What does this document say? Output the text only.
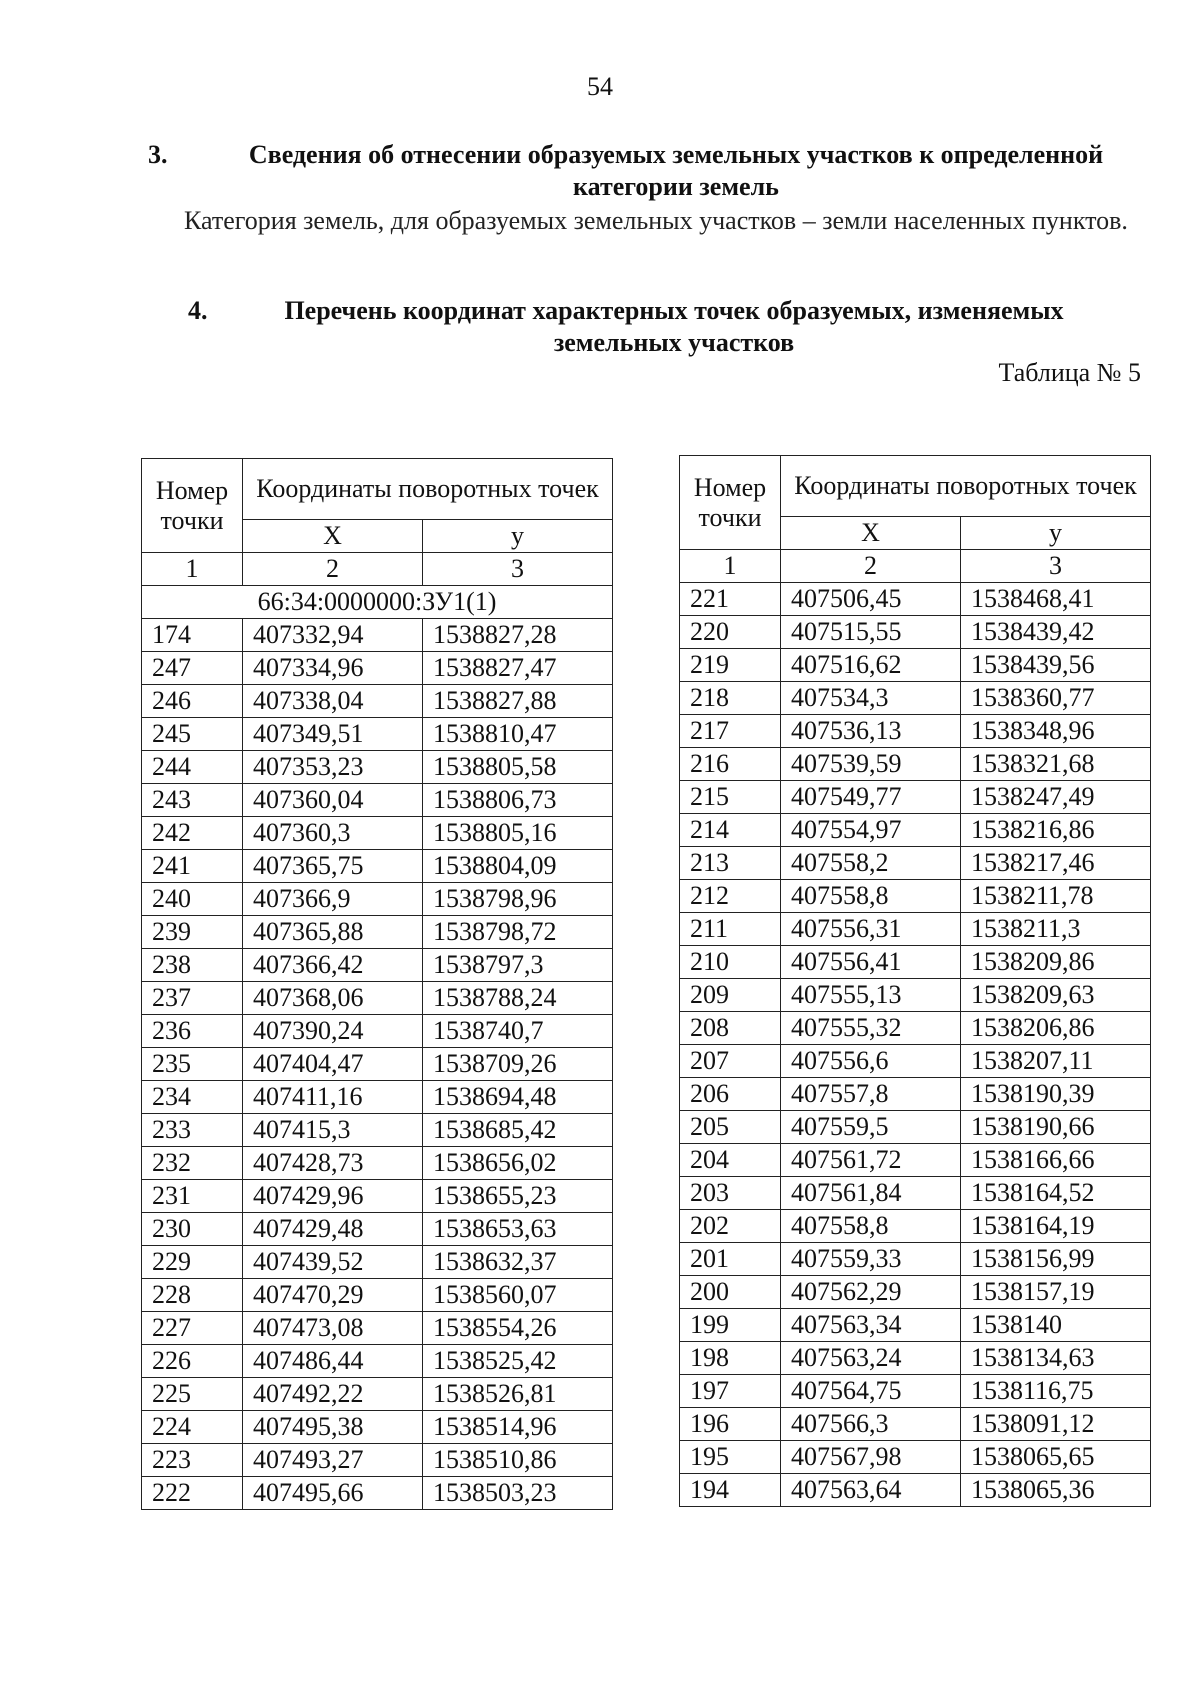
54
3.	Сведения об отнесении образуемых земельных участков к определенной
категории земель
Категория земель, для образуемых земельных участков – земли населенных пунктов.
4.	Перечень координат характерных точек образуемых, изменяемых
земельных участков
Таблица № 5
Номер точки	Координаты поворотных точек	
	X	y
1	2	3
66:34:0000000:ЗУ1(1)		
174	407332,94	1538827,28
247	407334,96	1538827,47
246	407338,04	1538827,88
245	407349,51	1538810,47
244	407353,23	1538805,58
243	407360,04	1538806,73
242	407360,3	1538805,16
241	407365,75	1538804,09
240	407366,9	1538798,96
239	407365,88	1538798,72
238	407366,42	1538797,3
237	407368,06	1538788,24
236	407390,24	1538740,7
235	407404,47	1538709,26
234	407411,16	1538694,48
233	407415,3	1538685,42
232	407428,73	1538656,02
231	407429,96	1538655,23
230	407429,48	1538653,63
229	407439,52	1538632,37
228	407470,29	1538560,07
227	407473,08	1538554,26
226	407486,44	1538525,42
225	407492,22	1538526,81
224	407495,38	1538514,96
223	407493,27	1538510,86
222	407495,66	1538503,23
Номер точки	Координаты поворотных точек	
	X	y
1	2	3
221	407506,45	1538468,41
220	407515,55	1538439,42
219	407516,62	1538439,56
218	407534,3	1538360,77
217	407536,13	1538348,96
216	407539,59	1538321,68
215	407549,77	1538247,49
214	407554,97	1538216,86
213	407558,2	1538217,46
212	407558,8	1538211,78
211	407556,31	1538211,3
210	407556,41	1538209,86
209	407555,13	1538209,63
208	407555,32	1538206,86
207	407556,6	1538207,11
206	407557,8	1538190,39
205	407559,5	1538190,66
204	407561,72	1538166,66
203	407561,84	1538164,52
202	407558,8	1538164,19
201	407559,33	1538156,99
200	407562,29	1538157,19
199	407563,34	1538140
198	407563,24	1538134,63
197	407564,75	1538116,75
196	407566,3	1538091,12
195	407567,98	1538065,65
194	407563,64	1538065,36
